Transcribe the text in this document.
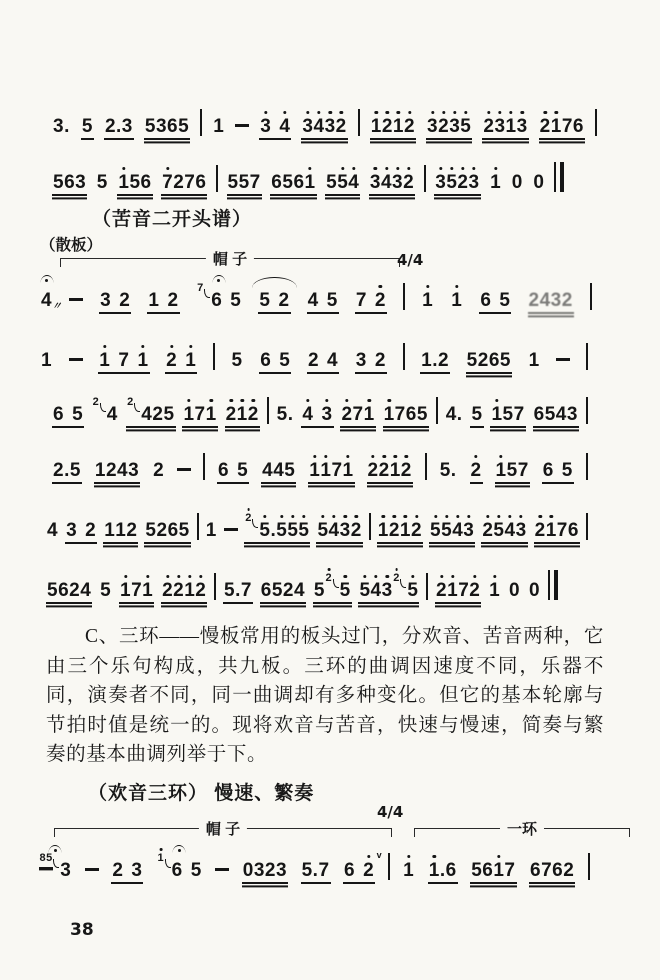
（苦音二开头谱）
（散板）
帽 子	4/4
C、三环——慢板常用的板头过门，分欢音、苦音两种，它由三个乐句构成，共九板。三环的曲调因速度不同，乐器不同，演奏者不同，同一曲调却有多种变化。但它的基本轮廓与节拍时值是统一的。现将欢音与苦音，快速与慢速，简奏与繁奏的基本曲调列举于下。
（欢音三环） 慢速、繁奏
4/4
帽 子	一环
3 . 5 2 . 3 5 3 6 5 1 3 4 3 4 3 2 1 2 1 2 3 2 3 5 2 3 1 3 2 1 7 6
5 6 3 5 1 5 6 7 2 7 6 5 5 7 6 5 6 1 5 5 4 3 4 3 2 3 5 2 3 1 0 0
4
〃 3 2 1 2
7
6 5 5 2 4 5 7 2 1 1 6 5 2 4 3 2
1 1 7 1 2 1 5 6 5 2 4 3 2 1 . 2 5 2 6 5 1
6 5
2
4
2
4 2 5 1 7 1 2 1 2 5 . 4 3 2 7 1 1 7 6 5 4 . 5 1 5 7 6 5 4 3
2 . 5 1 2 4 3 2	6 5 4 4 5 1 1 7 1 2 2 1 2 5 . 2 1 5 7 6 5
4 3 2 1 1 2 5 2 6 5 1
2
5 . 5 5 5 5 4 3 2 1 2 1 2 5 5 4 3 2 5 4 3 2 1 7 6
5 6 2 4 5 1 7 1 2 2 1 2 5 . 7 6 5 2 4 5
2
5 5 4 3
2
5 2 1 7 2 1 0 0
85
3 2 3
1
6 5 0 3 2 3 5 . 7 6 2
v
1 1 . 6 5 6 1 7 6 7 6 2
38
